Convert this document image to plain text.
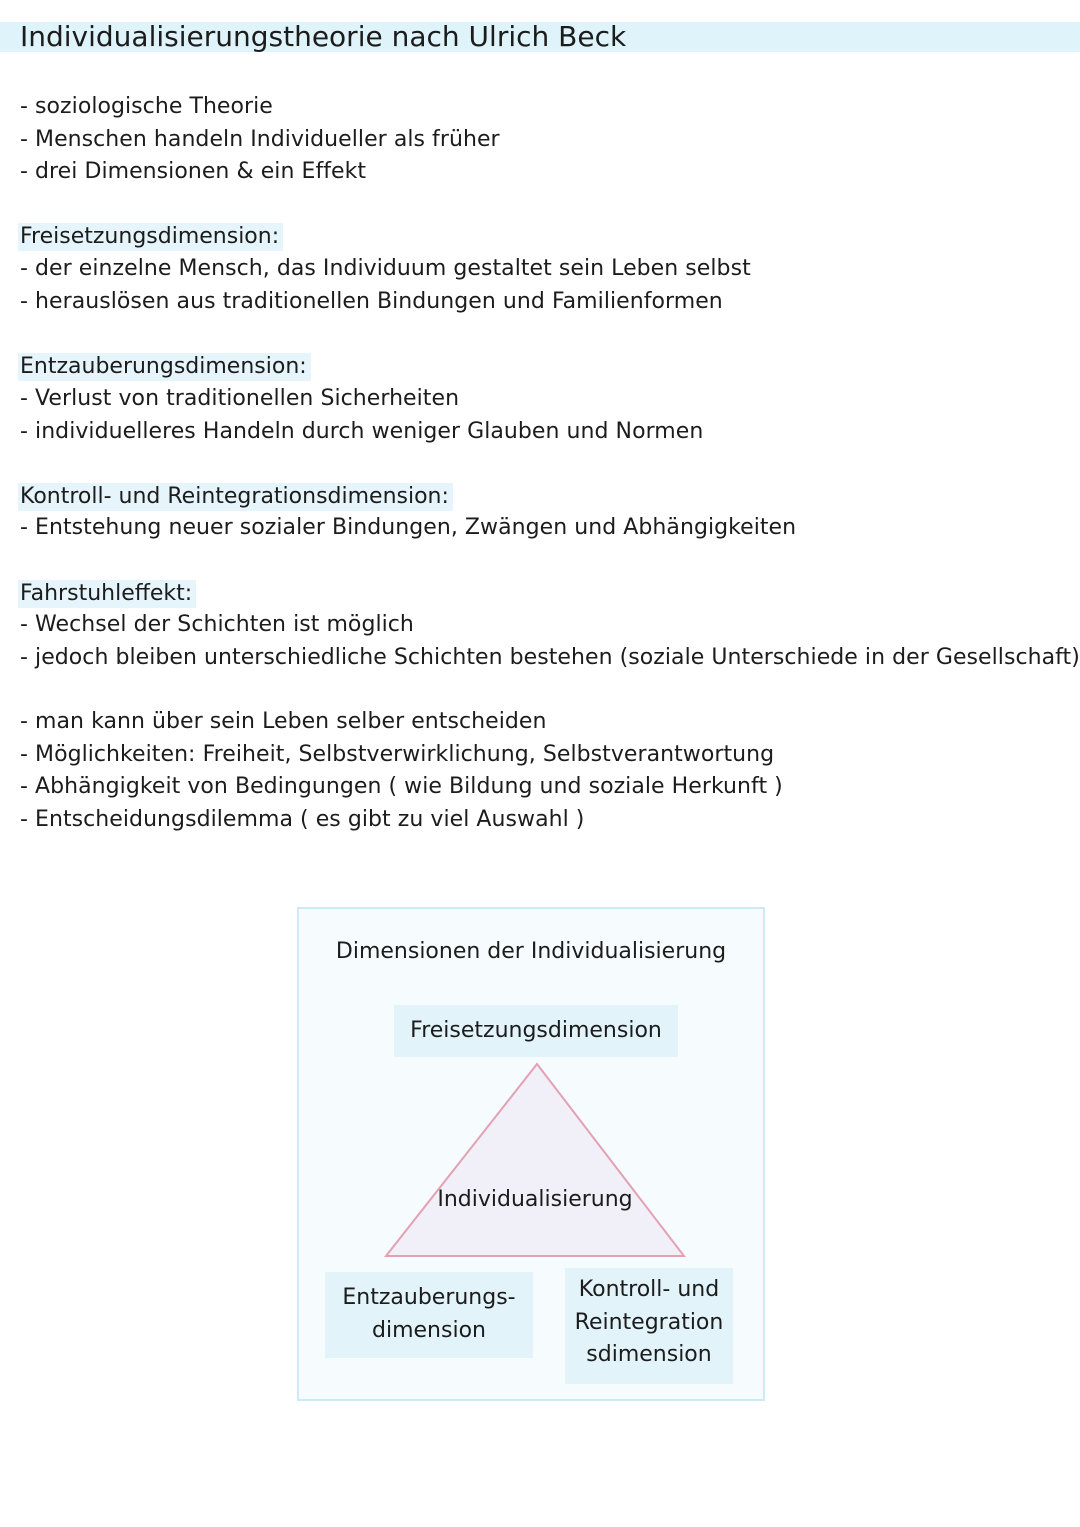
Individualisierungstheorie nach Ulrich Beck
- soziologische Theorie
- Menschen handeln Individueller als früher
- drei Dimensionen & ein Effekt
Freisetzungsdimension:
- der einzelne Mensch, das Individuum gestaltet sein Leben selbst
- herauslösen aus traditionellen Bindungen und Familienformen
Entzauberungsdimension:
- Verlust von traditionellen Sicherheiten
- individuelleres Handeln durch weniger Glauben und Normen
Kontroll- und Reintegrationsdimension:
- Entstehung neuer sozialer Bindungen, Zwängen und Abhängigkeiten
Fahrstuhleffekt:
- Wechsel der Schichten ist möglich
- jedoch bleiben unterschiedliche Schichten bestehen (soziale Unterschiede in der Gesellschaft)
- man kann über sein Leben selber entscheiden
- Möglichkeiten: Freiheit, Selbstverwirklichung, Selbstverantwortung
- Abhängigkeit von Bedingungen ( wie Bildung und soziale Herkunft )
- Entscheidungsdilemma ( es gibt zu viel Auswahl )
Dimensionen der Individualisierung
Freisetzungsdimension
Individualisierung
Entzauberungs-
dimension
Kontroll- und
Reintegration
sdimension
